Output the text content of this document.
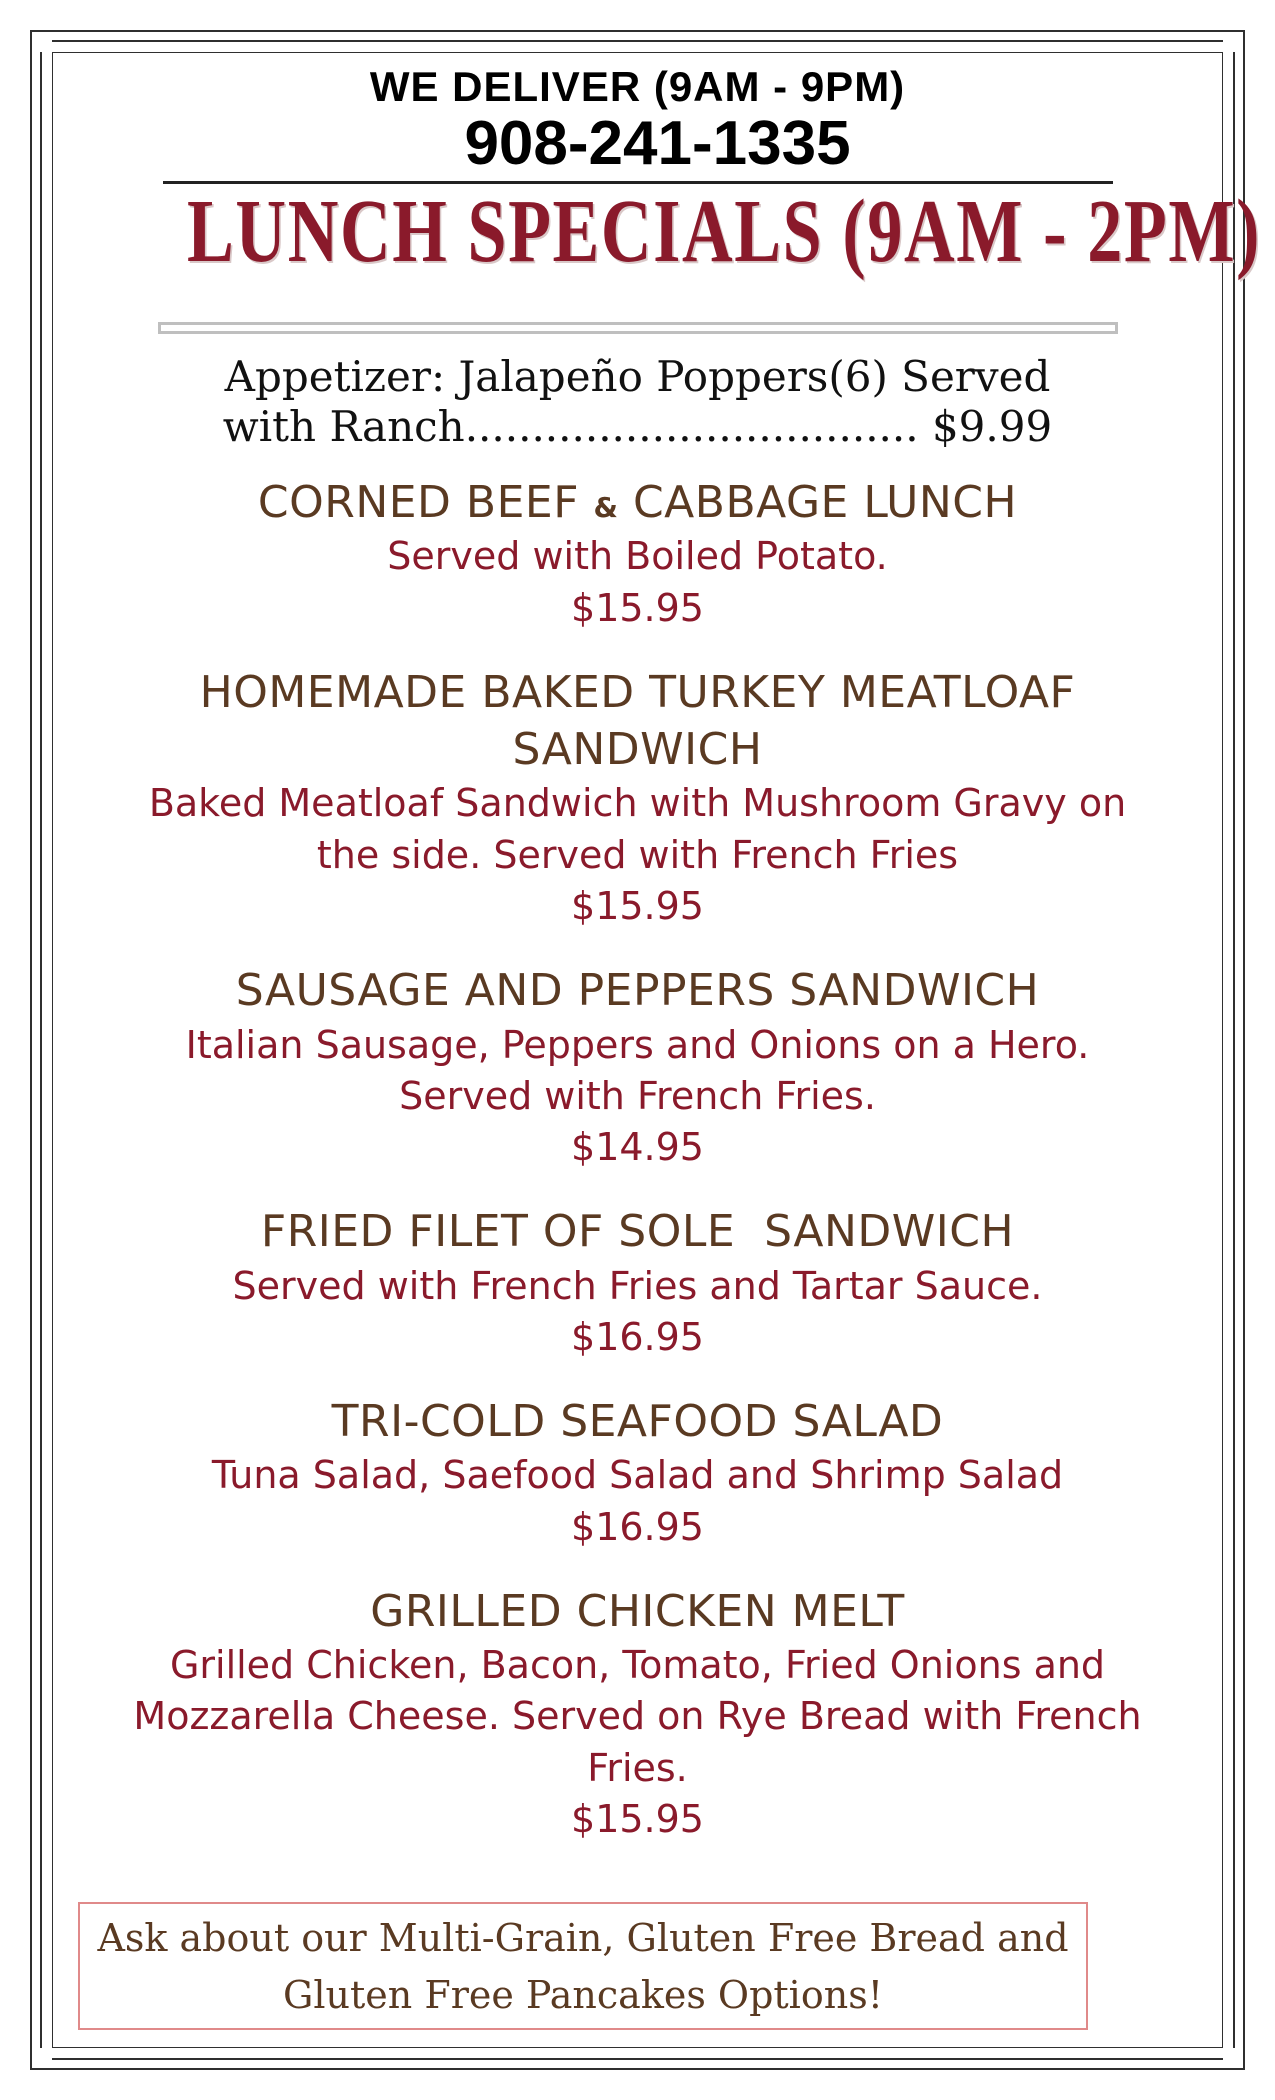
WE DELIVER (9AM - 9PM)
908-241-1335
LUNCH SPECIALS (9AM - 2PM)
Appetizer: Jalapeño Poppers(6) Served
with Ranch.................................. $9.99
CORNED BEEF & CABBAGE LUNCH
Served with Boiled Potato.
$15.95
HOMEMADE BAKED TURKEY MEATLOAF SANDWICH
Baked Meatloaf Sandwich with Mushroom Gravy on the side. Served with French Fries
$15.95
SAUSAGE AND PEPPERS SANDWICH
Italian Sausage, Peppers and Onions on a Hero. Served with French Fries.
$14.95
FRIED FILET OF SOLE  SANDWICH
Served with French Fries and Tartar Sauce.
$16.95
TRI-COLD SEAFOOD SALAD
Tuna Salad, Saefood Salad and Shrimp Salad
$16.95
GRILLED CHICKEN MELT
Grilled Chicken, Bacon, Tomato, Fried Onions and Mozzarella Cheese. Served on Rye Bread with French Fries.
$15.95
Ask about our Multi-Grain, Gluten Free Bread and
Gluten Free Pancakes Options!
